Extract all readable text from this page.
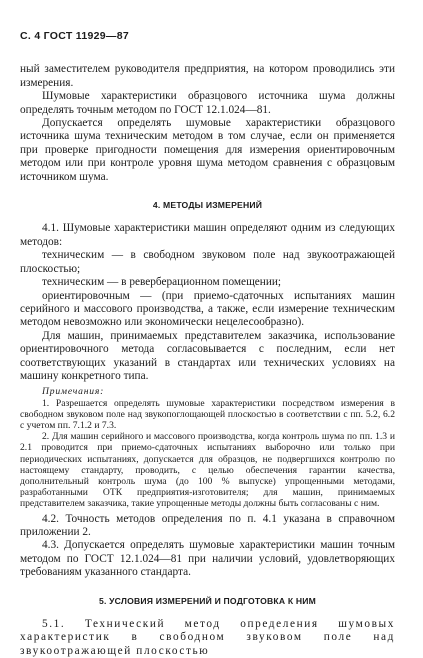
С. 4 ГОСТ 11929—87

ный заместителем руководителя предприятия, на котором проводились эти измерения.

Шумовые характеристики образцового источника шума должны определять точным методом по ГОСТ 12.1.024—81.

Допускается определять шумовые характеристики образцового источника шума техническим методом в том случае, если он применяется при проверке пригодности помещения для измерения ориентировочным методом или при контроле уровня шума методом сравнения с образцовым источником шума.

4. МЕТОДЫ ИЗМЕРЕНИЙ

4.1. Шумовые характеристики машин определяют одним из следующих методов:

техническим — в свободном звуковом поле над звукоотражающей плоскостью;

техническим — в реверберационном помещении;

ориентировочным — (при приемо-сдаточных испытаниях машин серийного и массового производства, а также, если измерение техническим методом невозможно или экономически нецелесообразно).

Для машин, принимаемых представителем заказчика, использование ориентировочного метода согласовывается с последним, если нет соответствующих указаний в стандартах или технических условиях на машину конкретного типа.

Примечания:

1. Разрешается определять шумовые характеристики посредством измерения в свободном звуковом поле над звукопоглощающей плоскостью в соответствии с пп. 5.2, 6.2 с учетом пп. 7.1.2 и 7.3.

2. Для машин серийного и массового производства, когда контроль шума по пп. 1.3 и 2.1 проводится при приемо-сдаточных испытаниях выборочно или только при периодических испытаниях, допускается для образцов, не подвергшихся контролю по настоящему стандарту, проводить, с целью обеспечения гарантии качества, дополнительный контроль шума (до 100 % выпуске) упрощенными методами, разработанными ОТК предприятия-изготовителя; для машин, принимаемых представителем заказчика, такие упрощенные методы должны быть согласованы с ним.

4.2. Точность методов определения по п. 4.1 указана в справочном приложении 2.

4.3. Допускается определять шумовые характеристики машин точным методом по ГОСТ 12.1.024—81 при наличии условий, удовлетворяющих требованиям указанного стандарта.

5. УСЛОВИЯ ИЗМЕРЕНИЙ И ПОДГОТОВКА К НИМ

5.1. Технический метод определения шумовых характеристик в свободном звуковом поле над звукоотражающей плоскостью
